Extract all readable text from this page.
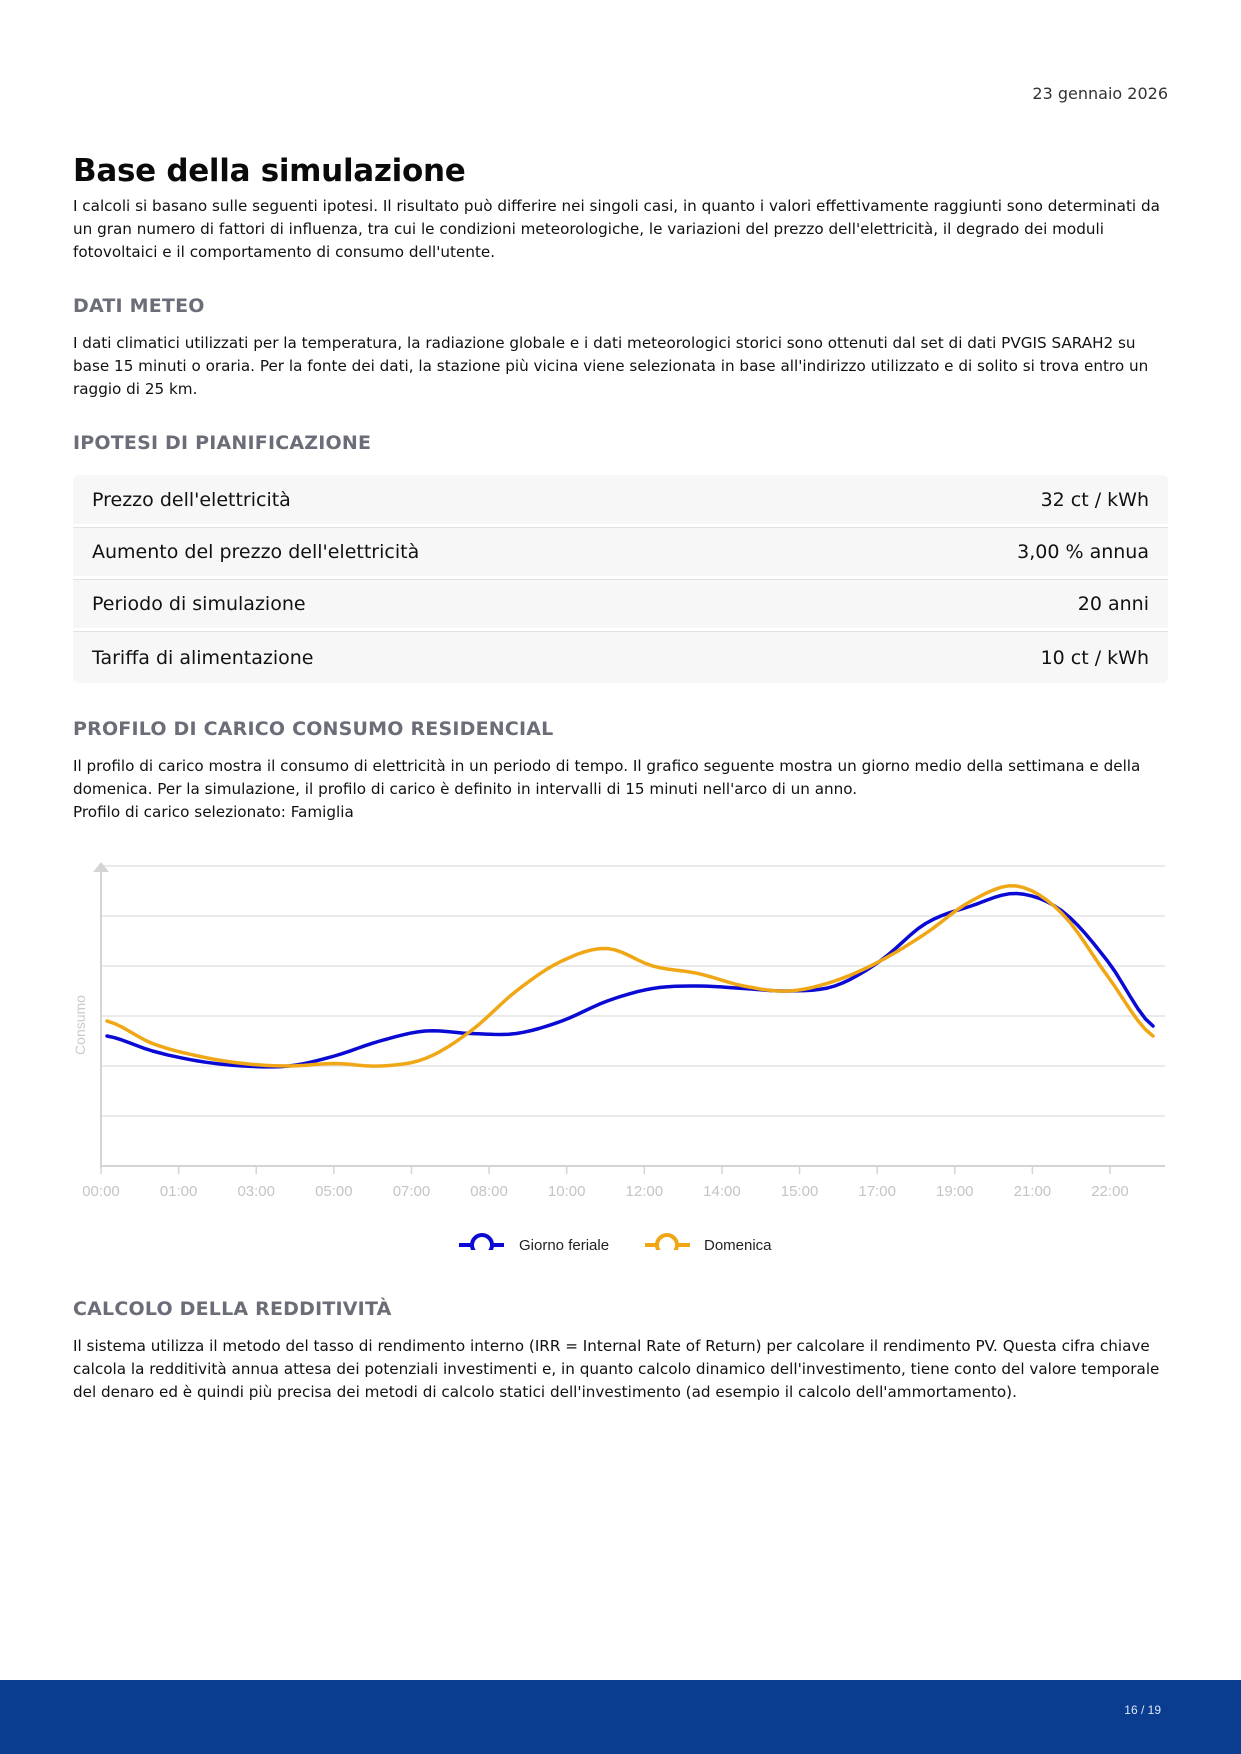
23 gennaio 2026
Base della simulazione

I calcoli si basano sulle seguenti ipotesi. Il risultato può differire nei singoli casi, in quanto i valori effettivamente raggiunti sono determinati da un gran numero di fattori di influenza, tra cui le condizioni meteorologiche, le variazioni del prezzo dell'elettricità, il degrado dei moduli fotovoltaici e il comportamento di consumo dell'utente.

DATI METEO

I dati climatici utilizzati per la temperatura, la radiazione globale e i dati meteorologici storici sono ottenuti dal set di dati PVGIS SARAH2 su base 15 minuti o oraria. Per la fonte dei dati, la stazione più vicina viene selezionata in base all'indirizzo utilizzato e di solito si trova entro un raggio di 25 km.

IPOTESI DI PIANIFICAZIONE
Prezzo dell'elettricità	32 ct / kWh
Aumento del prezzo dell'elettricità	3,00 % annua
Periodo di simulazione	20 anni
Tariffa di alimentazione	10 ct / kWh
PROFILO DI CARICO CONSUMO RESIDENCIAL

Il profilo di carico mostra il consumo di elettricità in un periodo di tempo. Il grafico seguente mostra un giorno medio della settimana e della domenica. Per la simulazione, il profilo di carico è definito in intervalli di 15 minuti nell'arco di un anno.

Profilo di carico selezionato: Famiglia

Consumo
00:00	01:00	03:00	05:00	07:00	08:00	10:00	12:00	14:00	15:00	17:00	19:00	21:00	22:00
Giorno feriale	Domenica
CALCOLO DELLA REDDITIVITÀ

Il sistema utilizza il metodo del tasso di rendimento interno (IRR = Internal Rate of Return) per calcolare il rendimento PV. Questa cifra chiave calcola la redditività annua attesa dei potenziali investimenti e, in quanto calcolo dinamico dell'investimento, tiene conto del valore temporale del denaro ed è quindi più precisa dei metodi di calcolo statici dell'investimento (ad esempio il calcolo dell'ammortamento).

16 / 19
